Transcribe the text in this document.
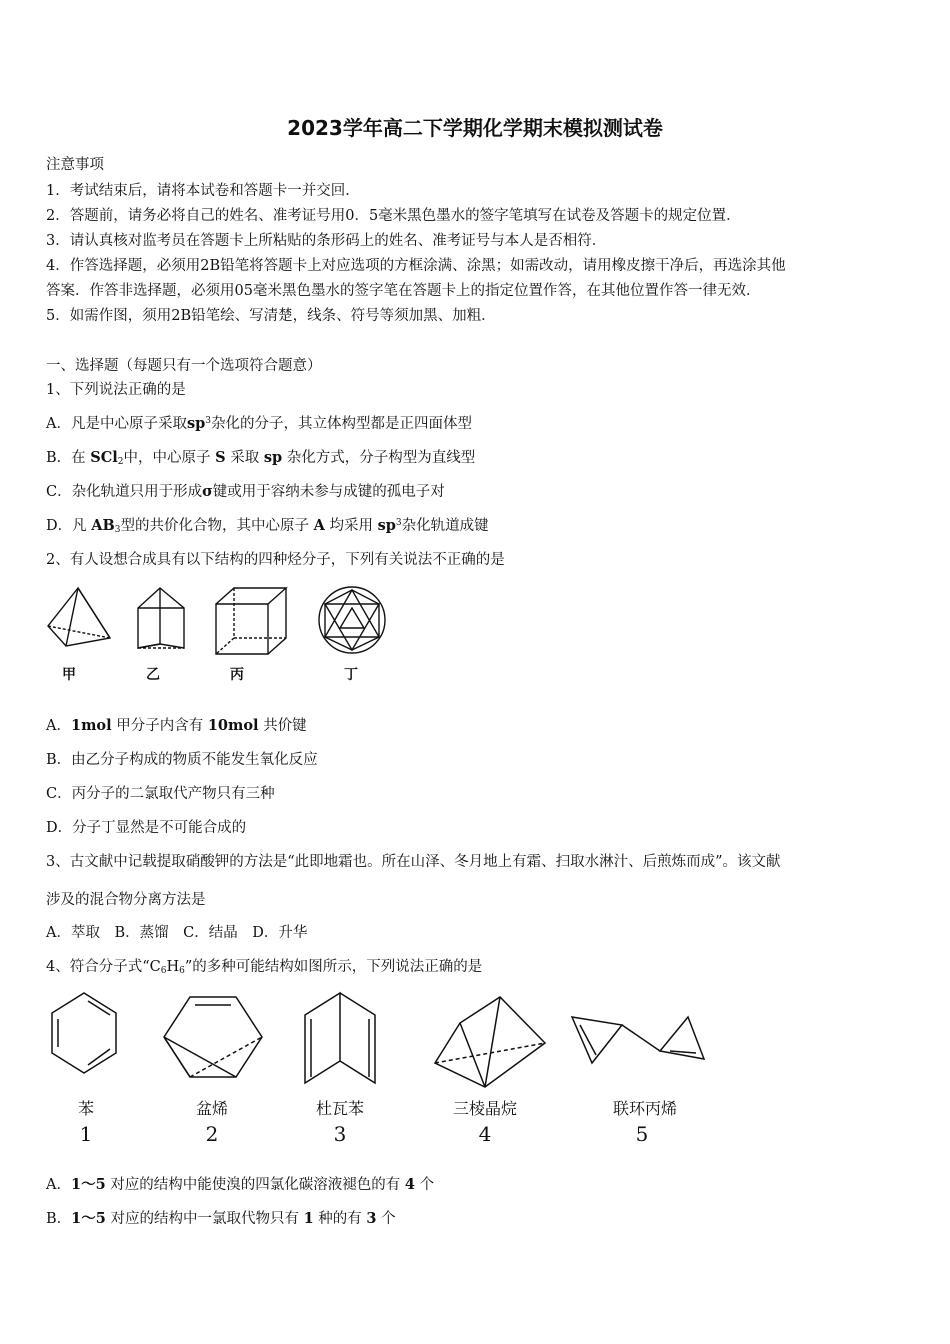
2023学年高二下学期化学期末模拟测试卷
注意事项
1．考试结束后，请将本试卷和答题卡一并交回．
2．答题前，请务必将自己的姓名、准考证号用0．5毫米黑色墨水的签字笔填写在试卷及答题卡的规定位置．
3．请认真核对监考员在答题卡上所粘贴的条形码上的姓名、准考证号与本人是否相符．
4．作答选择题，必须用2B铅笔将答题卡上对应选项的方框涂满、涂黑；如需改动，请用橡皮擦干净后，再选涂其他
答案．作答非选择题，必须用05毫米黑色墨水的签字笔在答题卡上的指定位置作答，在其他位置作答一律无效．
5．如需作图，须用2B铅笔绘、写清楚，线条、符号等须加黑、加粗．
一、选择题（每题只有一个选项符合题意）
1、下列说法正确的是
A．凡是中心原子采取$sp^3$杂化的分子，其立体构型都是正四面体型
B．在 SCl$_2$中，中心原子 S 采取 sp 杂化方式，分子构型为直线型
C．杂化轨道只用于形成σ键或用于容纳未参与成键的孤电子对
D．凡 $AB_3$型的共价化合物，其中心原子 A 均采用 $sp^3$杂化轨道成键
2、有人设想合成具有以下结构的四种烃分子，下列有关说法不正确的是
甲	乙	丙	丁
A．1mol 甲分子内含有 10mol 共价键
B．由乙分子构成的物质不能发生氧化反应
C．丙分子的二氯取代产物只有三种
D．分子丁显然是不可能合成的
3、古文献中记载提取硝酸钾的方法是“此即地霜也。所在山泽、冬月地上有霜、扫取水淋汁、后煎炼而成”。该文献
涉及的混合物分离方法是
A．萃取　B．蒸馏　C．结晶　D．升华
4、符合分子式“$C_6H_6$”的多种可能结构如图所示，下列说法正确的是
苯	盆烯	杜瓦苯	三棱晶烷	联环丙烯
1	2	3	4	5
A．1～5 对应的结构中能使溴的四氯化碳溶液褪色的有 4 个
B．1～5 对应的结构中一氯取代物只有 1 种的有 3 个
